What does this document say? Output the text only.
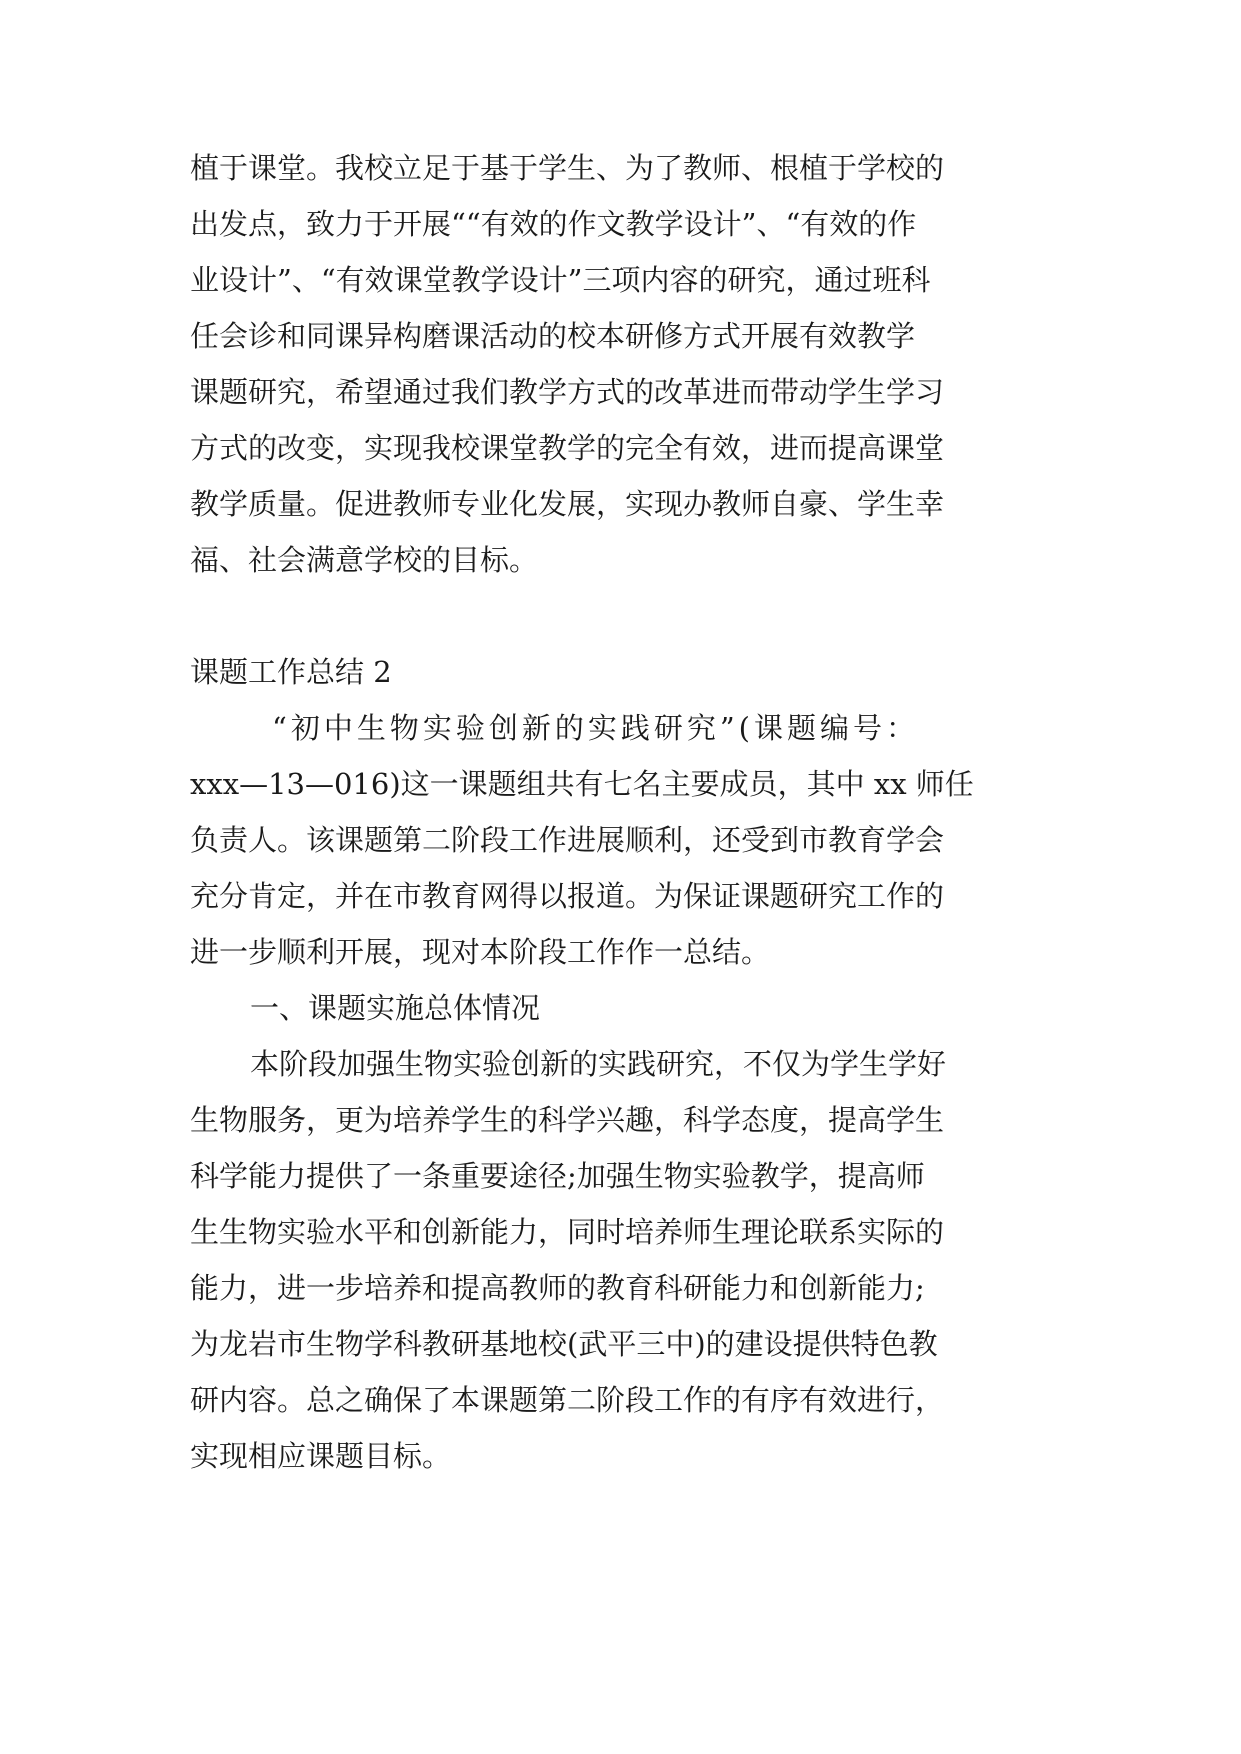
植于课堂。我校立足于基于学生、为了教师、根植于学校的
出发点，致力于开展““有效的作文教学设计”、“有效的作
业设计”、“有效课堂教学设计”三项内容的研究，通过班科
任会诊和同课异构磨课活动的校本研修方式开展有效教学
课题研究，希望通过我们教学方式的改革进而带动学生学习
方式的改变，实现我校课堂教学的完全有效，进而提高课堂
教学质量。促进教师专业化发展，实现办教师自豪、学生幸
福、社会满意学校的目标。
课题工作总结 2
“初中生物实验创新的实践研究”(课题编号：
xxx—13—016)这一课题组共有七名主要成员，其中 xx 师任
负责人。该课题第二阶段工作进展顺利，还受到市教育学会
充分肯定，并在市教育网得以报道。为保证课题研究工作的
进一步顺利开展，现对本阶段工作作一总结。
一、课题实施总体情况
本阶段加强生物实验创新的实践研究，不仅为学生学好
生物服务，更为培养学生的科学兴趣，科学态度，提高学生
科学能力提供了一条重要途径;加强生物实验教学，提高师
生生物实验水平和创新能力，同时培养师生理论联系实际的
能力，进一步培养和提高教师的教育科研能力和创新能力;
为龙岩市生物学科教研基地校(武平三中)的建设提供特色教
研内容。总之确保了本课题第二阶段工作的有序有效进行，
实现相应课题目标。
